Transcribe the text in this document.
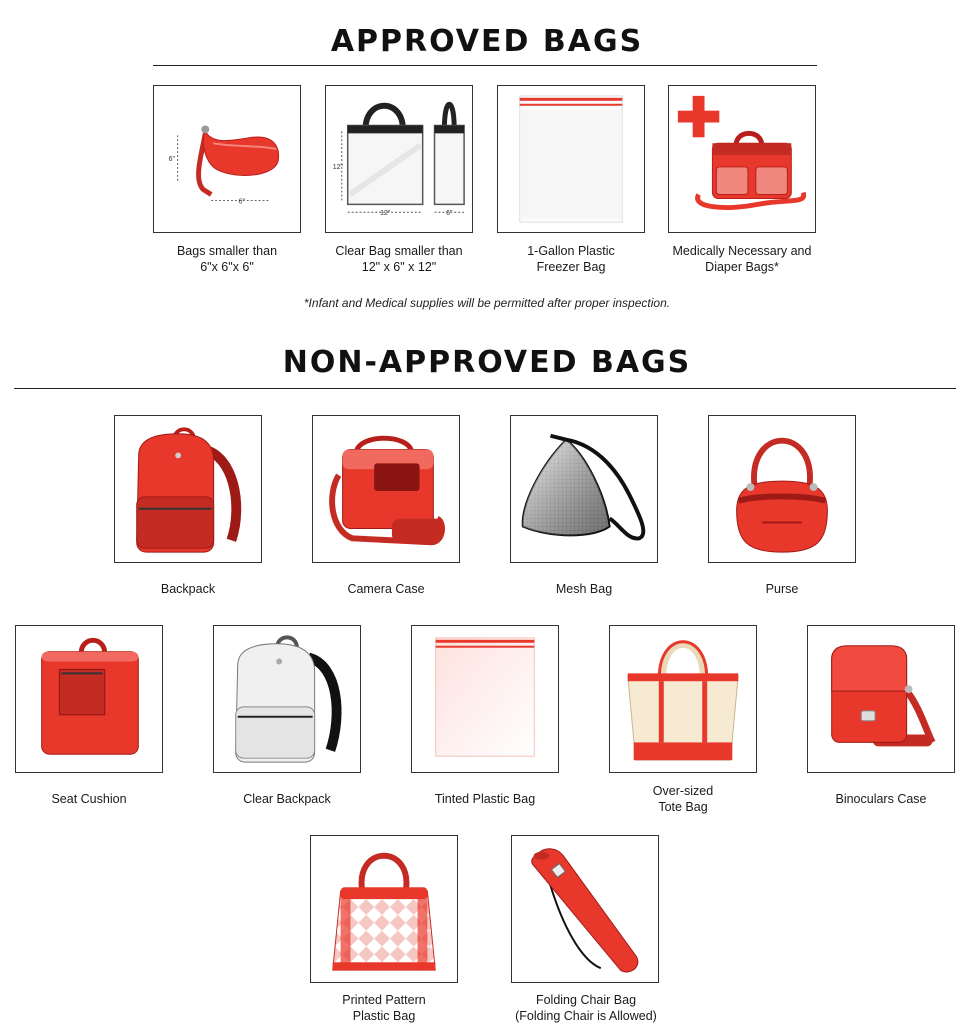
APPROVED BAGS
6"
6"
12"
12"	6"
Bags smaller than
6"x 6"x 6"
Clear Bag smaller than
12" x 6" x 12"
1-Gallon Plastic
Freezer Bag
Medically Necessary and
Diaper Bags*
*Infant and Medical supplies will be permitted after proper inspection.
NON-APPROVED BAGS
Backpack	Camera Case	Mesh Bag	Purse
Seat Cushion	Clear Backpack	Tinted Plastic Bag
Over-sized
Tote Bag
Binoculars Case
Printed Pattern
Plastic Bag
Folding Chair Bag
(Folding Chair is Allowed)
